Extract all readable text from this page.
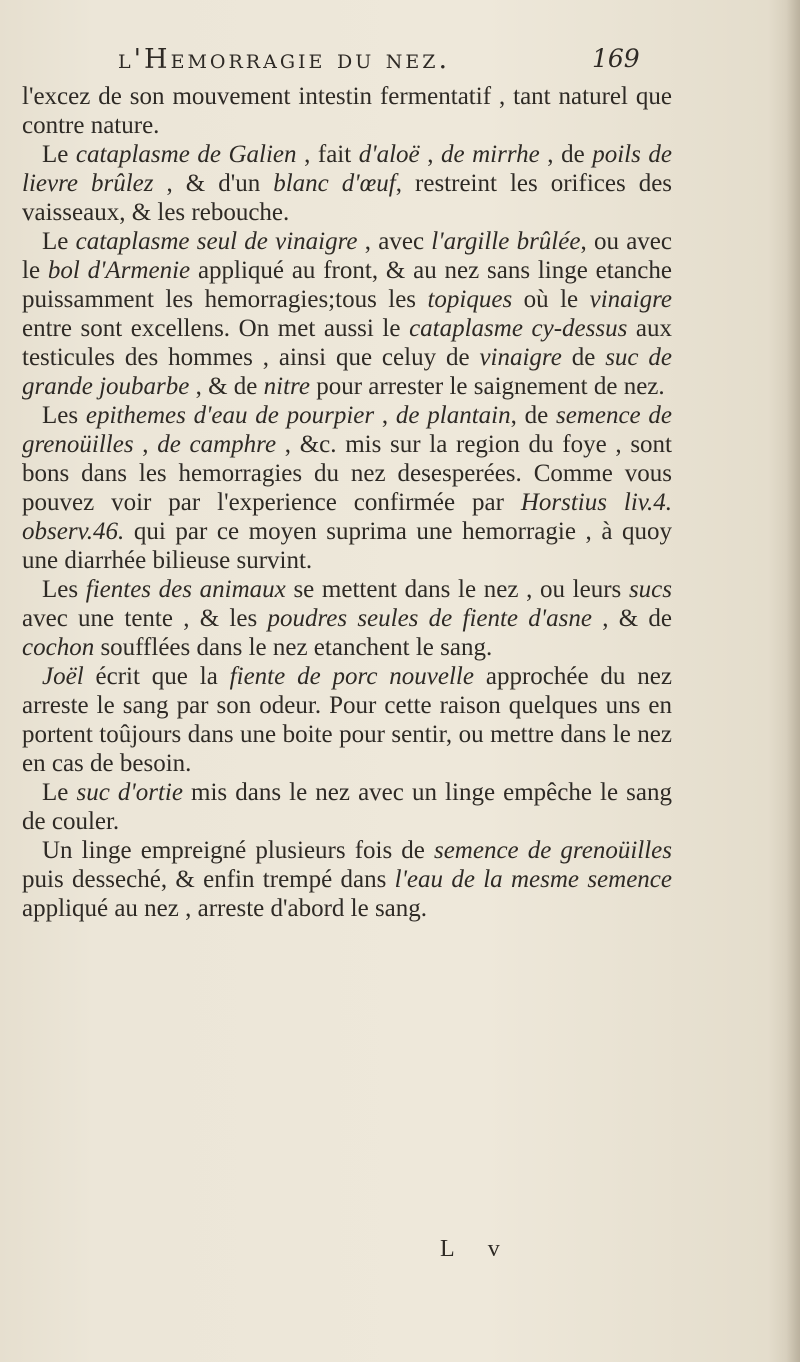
l'Hemorragie du nez.	169

l'excez de son mouvement intestin fermentatif , tant naturel que contre nature.

Le cataplasme de Galien , fait d'aloë , de mirrhe , de poils de lievre brûlez , & d'un blanc d'œuf, restreint les orifices des vaisseaux, & les rebouche.

Le cataplasme seul de vinaigre , avec l'argille brûlée, ou avec le bol d'Armenie appliqué au front, & au nez sans linge etanche puissamment les hemorragies;tous les topiques où le vinaigre entre sont excellens. On met aussi le cataplasme cy-dessus aux testicules des hommes , ainsi que celuy de vinaigre de suc de grande joubarbe , & de nitre pour arrester le saignement de nez.

Les epithemes d'eau de pourpier , de plantain, de semence de grenoüilles , de camphre , &c. mis sur la region du foye , sont bons dans les hemorragies du nez desesperées. Comme vous pouvez voir par l'experience confirmée par Horstius liv.4. observ.46. qui par ce moyen suprima une hemorragie , à quoy une diarrhée bilieuse survint.

Les fientes des animaux se mettent dans le nez , ou leurs sucs avec une tente , & les poudres seules de fiente d'asne , & de cochon soufflées dans le nez etanchent le sang.

Joël écrit que la fiente de porc nouvelle approchée du nez arreste le sang par son odeur. Pour cette raison quelques uns en portent toûjours dans une boite pour sentir, ou mettre dans le nez en cas de besoin.

Le suc d'ortie mis dans le nez avec un linge empêche le sang de couler.

Un linge empreigné plusieurs fois de semence de grenoüilles puis desseché, & enfin trempé dans l'eau de la mesme semence appliqué au nez , arreste d'abord le sang.

L v
